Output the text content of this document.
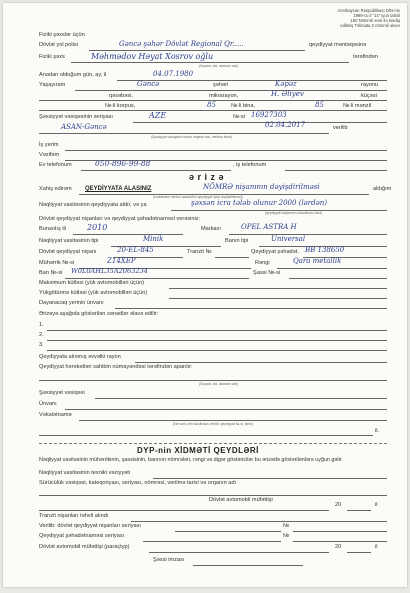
Azərbaycan Respublikası DİN-nin
1999-cu il "14" iyun tarixli
180 Nömrəli əmri ilə təsdiq
edilmiş Təlimata 2 nömrəli əlavə
Fiziki şəxslər üçün
Dövlət yol polisi	Gəncə şəhər Dövlət Regional Qr.....	qeydiyyat məntəqəsinə
Fiziki şəxs	Məhmədov Həyat Xosrov oğlu	tərəfindən
(Soyadı, adı, atasının adı)
Anadan olduğum gün, ay, il	04.07.1980
Yaşayıram	Gəncə	şəhəri	Kəpəz	rayonu
qəsəbəsi,	mikrarayon,	H. Əliyev	küçəsi
№-li korpus,	85	№-li bina,	85	№-li mənzil
Şəxsiyyət vəsiqəsinin seriyası	AZE	№-si 16927303
02.04.2017	verilib
ASAN-Gəncə
(Şəxsiyyət vəsiqəsini verən orqanın adı, verilmə tarixi)
İş yerim
Vəzifəm
Ev telefonum	050-896-99-88	, iş telefonum
ə r i z ə
Xahiş edirəm QEYDİYYATA ALASINIZ	NÖMRƏ nişanının dəyişdirilməsi	aldığım
(məlumatın verilən təsadüfün qeydiyyat üçün dəyişdirilməsi)
Nəqliyyat vasitəsinin qeydiyyata aldır, və ya	şəxsən icra tələb olunur 2000 (lərdən)
(qeydiyyat haqlarının ödənilməsi üzrə)
Dövlət qeydiyyat nişanları və qeydiyyat şəhadətnaməsi verəsiniz:
Buraxılış ili	2010	Markası	OPEL ASTRA H
Nəqliyyat vasitəsinin tipi	Minik	Banın tipi	Universal
Dövlət qeydiyyat nişanı	20-EL-845	Tranzit №	Qeydiyyat şəhadət. BB 138650
Mühərrik №-si	Z14XEP	Rəngi	Qara metallik
Ban №-si W0L0AHL35A2063234	Şassi №-si
Maksimum kütləsi (yük avtomobilləri üçün)
Yükgötürmə kütləsi (yük avtomobilləri üçün)
Dayanacaq yerinin ünvanı
Ərizəyə aşağıda göstərilən sənədlər əlavə edilir:
1.
2.
3.
Qeydiyyata alınmış əvvəlki rayon
Qeydiyyat hərəkətləri sahibin nümayəndəsi tərəfindən aparılır:
(Soyadı, adı, atasının adı)
Şəxsiyyət vəsiqəsi
Ünvanı
Vəkalətnamə
(Ne vaxt, kim tərəfindən verilib, qeydiyyat №-si, tarixi)
il.
DYP-nin XİDMƏTİ QEYDLƏRİ
Nəqliyyat vasitəsinin mühərrikinin, şassisinin, banının nömrələri, rəngi və digər göstəricilər bu ərizədə göstərilənlərə uyğun gəlir.
Nəqliyyat vasitəsinin texniki vəziyyəti
Sürücülük vəsiqəsi, kateqoriyası, seriyası, nömrəsi, verilmə tarixi və orqanın adı
Dövlət avtomobil müfəttişi
20	il
Tranzit nişanları təhvil alındı
Verilib: dövlət qeydiyyat nişanları seriyası	№
Qeydiyyat şəhadətnaməsi seriyası	№
Dövlət avtomobil müfəttişi (paraçtyp)	20	il
Şəxsi imzası
